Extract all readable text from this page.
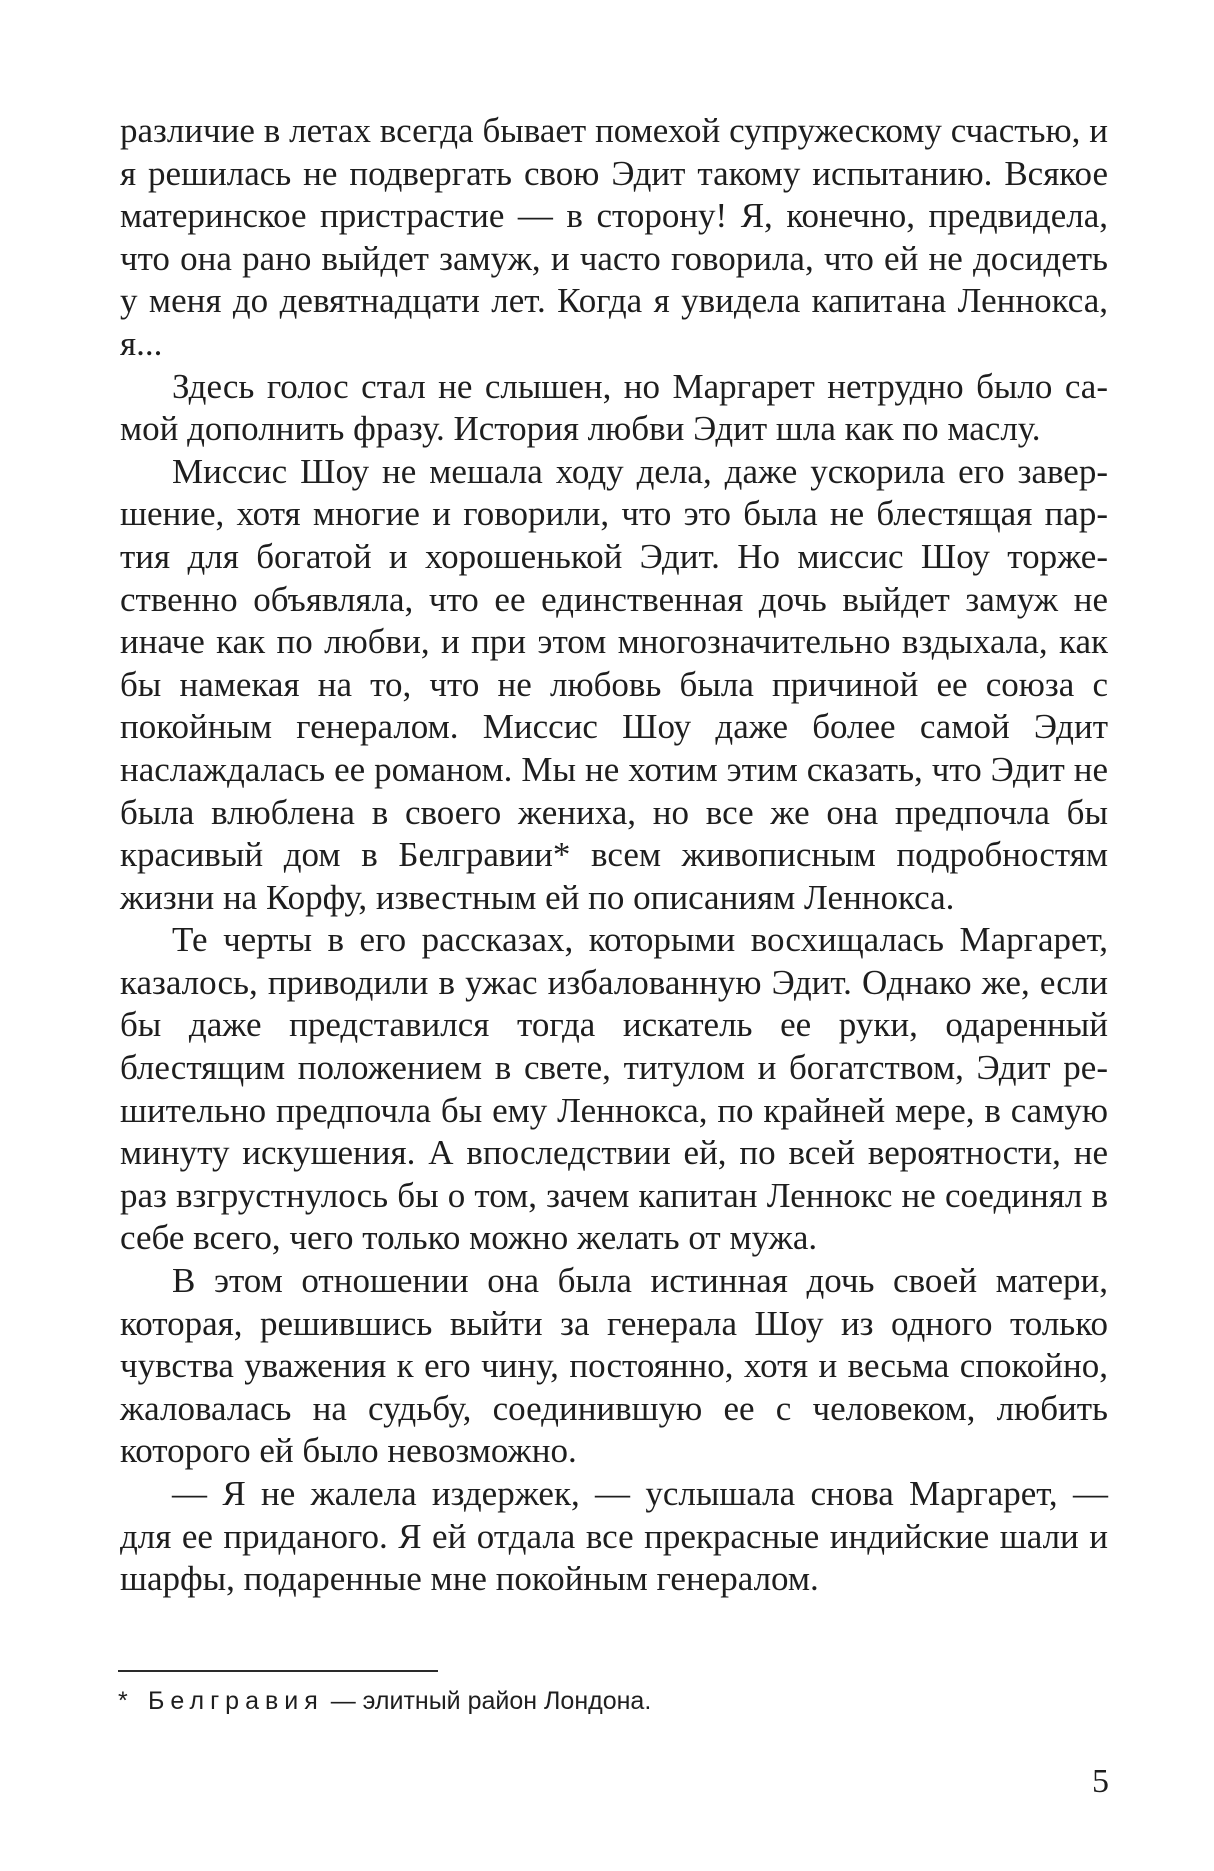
различие в летах всегда бывает помехой супружескому счастью, и я решилась не подвергать свою Эдит такому испытанию. Всякое материнское пристрастие — в сторону! Я, конечно, предвидела, что она рано выйдет замуж, и часто говорила, что ей не досидеть у меня до девятнадцати лет. Когда я увидела капитана Леннокса, я...

Здесь голос стал не слышен, но Маргарет нетрудно было самой дополнить фразу. История любви Эдит шла как по маслу.

Миссис Шоу не мешала ходу дела, даже ускорила его завершение, хотя многие и говорили, что это была не блестящая партия для богатой и хорошенькой Эдит. Но миссис Шоу торжественно объявляла, что ее единственная дочь выйдет замуж не иначе как по любви, и при этом многозначительно вздыхала, как бы намекая на то, что не любовь была причиной ее союза с покойным генералом. Миссис Шоу даже более самой Эдит наслаждалась ее романом. Мы не хотим этим сказать, что Эдит не была влюблена в своего жениха, но все же она предпочла бы красивый дом в Белгравии* всем живописным подробностям жизни на Корфу, известным ей по описаниям Леннокса.

Те черты в его рассказах, которыми восхищалась Маргарет, казалось, приводили в ужас избалованную Эдит. Однако же, если бы даже представился тогда искатель ее руки, одаренный блестящим положением в свете, титулом и богатством, Эдит решительно предпочла бы ему Леннокса, по крайней мере, в самую минуту искушения. А впоследствии ей, по всей вероятности, не раз взгрустнулось бы о том, зачем капитан Леннокс не соединял в себе всего, чего только можно желать от мужа.

В этом отношении она была истинная дочь своей матери, которая, решившись выйти за генерала Шоу из одного только чувства уважения к его чину, постоянно, хотя и весьма спокойно, жаловалась на судьбу, соединившую ее с человеком, любить которого ей было невозможно.

— Я не жалела издержек, — услышала снова Маргарет, — для ее приданого. Я ей отдала все прекрасные индийские шали и шарфы, подаренные мне покойным генералом.

* Белгравия — элитный район Лондона.
5
